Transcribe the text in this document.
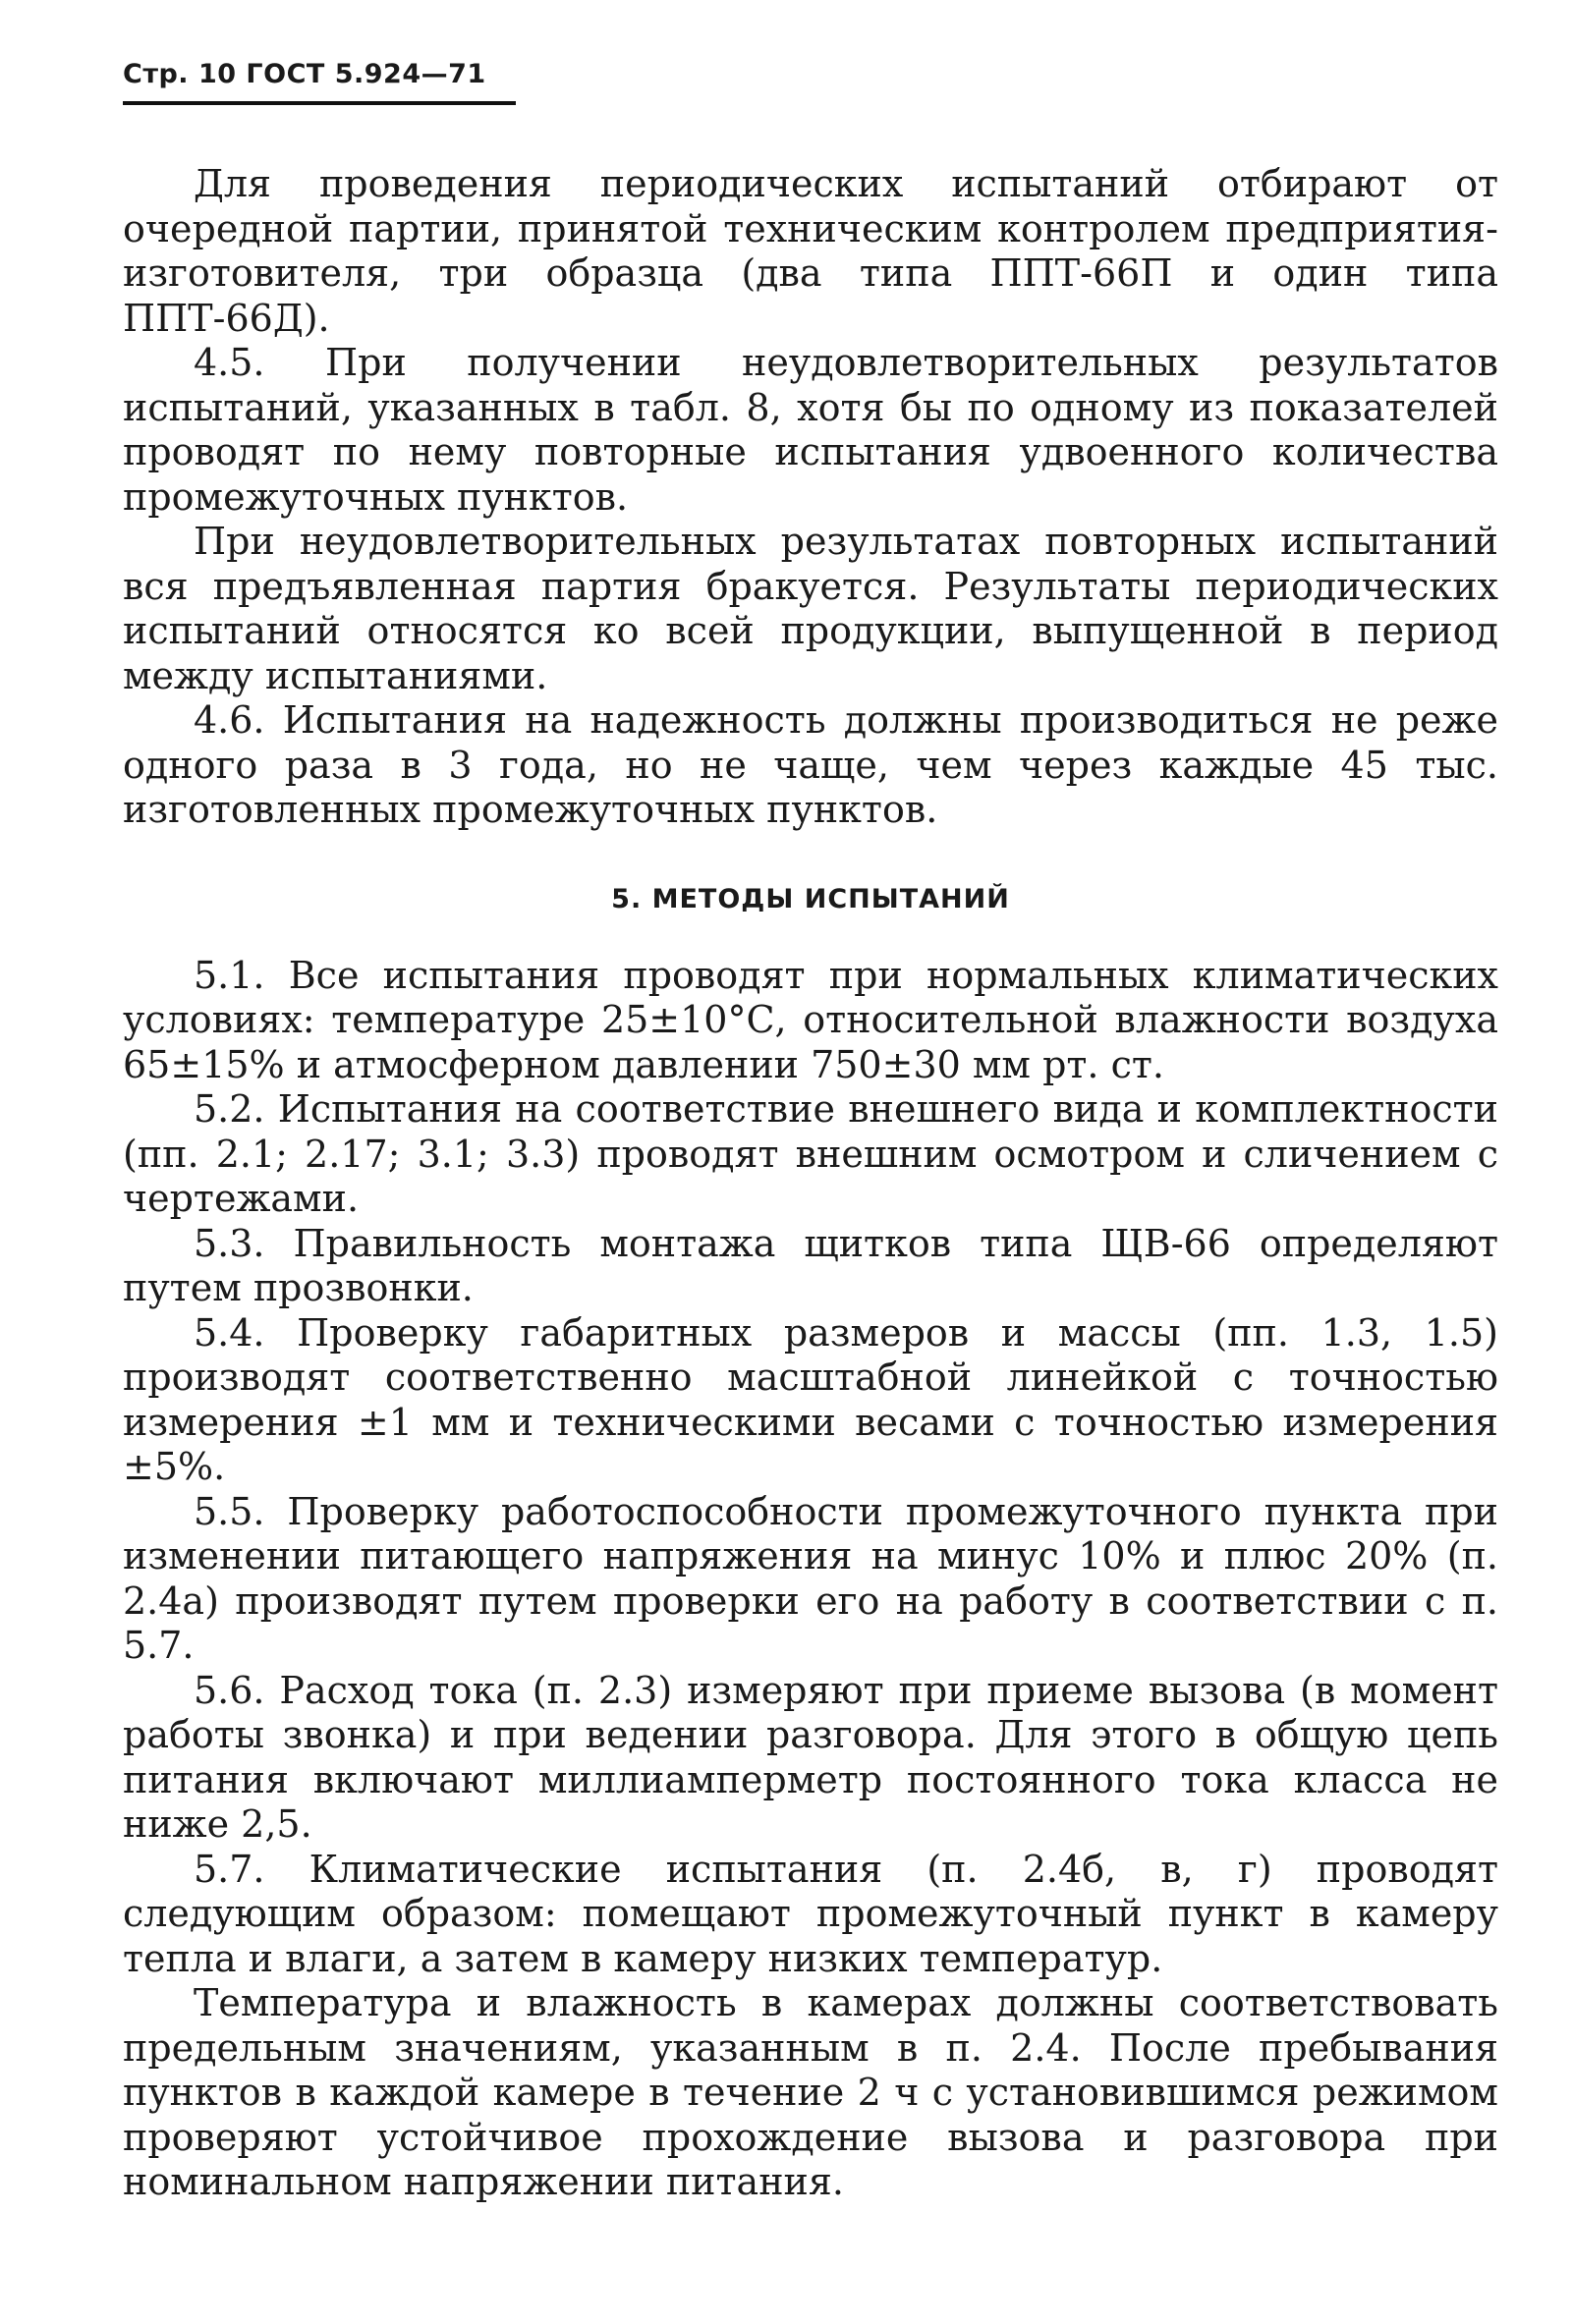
Стр. 10 ГОСТ 5.924—71

Для проведения периодических испытаний отбирают от очередной партии, принятой техническим контролем предприятия-изготовителя, три образца (два типа ППТ-66П и один типа ППТ-66Д).

4.5. При получении неудовлетворительных результатов испытаний, указанных в табл. 8, хотя бы по одному из показателей проводят по нему повторные испытания удвоенного количества промежуточных пунктов.

При неудовлетворительных результатах повторных испытаний вся предъявленная партия бракуется. Результаты периодических испытаний относятся ко всей продукции, выпущенной в период между испытаниями.

4.6. Испытания на надежность должны производиться не реже одного раза в 3 года, но не чаще, чем через каждые 45 тыс. изготовленных промежуточных пунктов.

5. МЕТОДЫ ИСПЫТАНИЙ

5.1. Все испытания проводят при нормальных климатических условиях: температуре 25±10°С, относительной влажности воздуха 65±15% и атмосферном давлении 750±30 мм рт. ст.

5.2. Испытания на соответствие внешнего вида и комплектности (пп. 2.1; 2.17; 3.1; 3.3) проводят внешним осмотром и сличением с чертежами.

5.3. Правильность монтажа щитков типа ЩВ-66 определяют путем прозвонки.

5.4. Проверку габаритных размеров и массы (пп. 1.3, 1.5) производят соответственно масштабной линейкой с точностью измерения ±1 мм и техническими весами с точностью измерения ±5%.

5.5. Проверку работоспособности промежуточного пункта при изменении питающего напряжения на минус 10% и плюс 20% (п. 2.4а) производят путем проверки его на работу в соответствии с п. 5.7.

5.6. Расход тока (п. 2.3) измеряют при приеме вызова (в момент работы звонка) и при ведении разговора. Для этого в общую цепь питания включают миллиамперметр постоянного тока класса не ниже 2,5.

5.7. Климатические испытания (п. 2.4б, в, г) проводят следующим образом: помещают промежуточный пункт в камеру тепла и влаги, а затем в камеру низких температур.

Температура и влажность в камерах должны соответствовать предельным значениям, указанным в п. 2.4. После пребывания пунктов в каждой камере в течение 2 ч с установившимся режимом проверяют устойчивое прохождение вызова и разговора при номинальном напряжении питания.
